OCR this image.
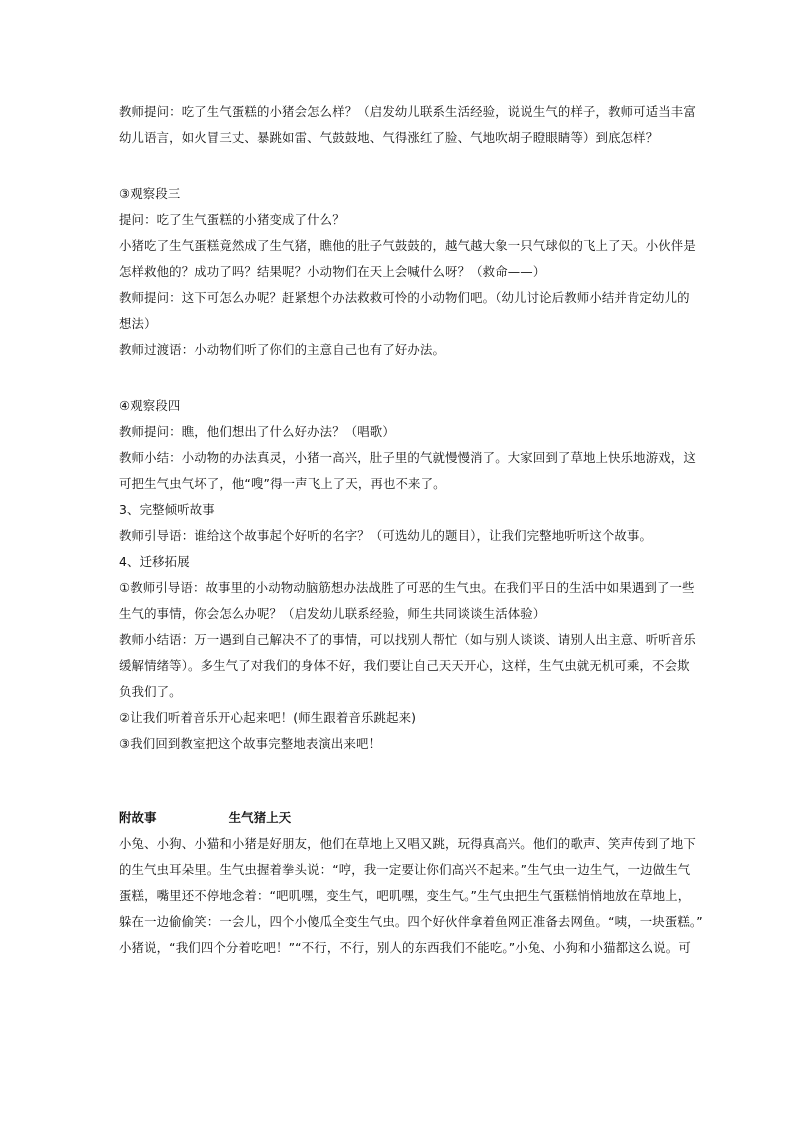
教师提问：吃了生气蛋糕的小猪会怎么样？（启发幼儿联系生活经验，说说生气的样子，教师可适当丰富
幼儿语言，如火冒三丈、暴跳如雷、气鼓鼓地、气得涨红了脸、气地吹胡子瞪眼睛等）到底怎样？
③观察段三
提问：吃了生气蛋糕的小猪变成了什么？
小猪吃了生气蛋糕竟然成了生气猪，瞧他的肚子气鼓鼓的，越气越大象一只气球似的飞上了天。小伙伴是
怎样救他的？成功了吗？结果呢？小动物们在天上会喊什么呀？（救命——）
教师提问：这下可怎么办呢？赶紧想个办法救救可怜的小动物们吧。（幼儿讨论后教师小结并肯定幼儿的
想法）
教师过渡语：小动物们听了你们的主意自己也有了好办法。
④观察段四
教师提问：瞧，他们想出了什么好办法？（唱歌）
教师小结：小动物的办法真灵，小猪一高兴，肚子里的气就慢慢消了。大家回到了草地上快乐地游戏，这
可把生气虫气坏了，他“嗖”得一声飞上了天，再也不来了。
3、完整倾听故事
教师引导语：谁给这个故事起个好听的名字？（可选幼儿的题目），让我们完整地听听这个故事。
4、迁移拓展
①教师引导语：故事里的小动物动脑筋想办法战胜了可恶的生气虫。在我们平日的生活中如果遇到了一些
生气的事情，你会怎么办呢？（启发幼儿联系经验，师生共同谈谈生活体验）
教师小结语：万一遇到自己解决不了的事情，可以找别人帮忙（如与别人谈谈、请别人出主意、听听音乐
缓解情绪等）。多生气了对我们的身体不好，我们要让自己天天开心，这样，生气虫就无机可乘，不会欺
负我们了。
②让我们听着音乐开心起来吧！(师生跟着音乐跳起来)
③我们回到教室把这个故事完整地表演出来吧！
附故事	生气猪上天
小兔、小狗、小猫和小猪是好朋友，他们在草地上又唱又跳，玩得真高兴。他们的歌声、笑声传到了地下
的生气虫耳朵里。生气虫握着拳头说：“哼，我一定要让你们高兴不起来。”生气虫一边生气，一边做生气
蛋糕，嘴里还不停地念着：“吧叽嘿，变生气，吧叽嘿，变生气。”生气虫把生气蛋糕悄悄地放在草地上，
躲在一边偷偷笑：一会儿，四个小傻瓜全变生气虫。四个好伙伴拿着鱼网正准备去网鱼。“咦，一块蛋糕。”
小猪说，“我们四个分着吃吧！”“不行，不行，别人的东西我们不能吃。”小兔、小狗和小猫都这么说。可
